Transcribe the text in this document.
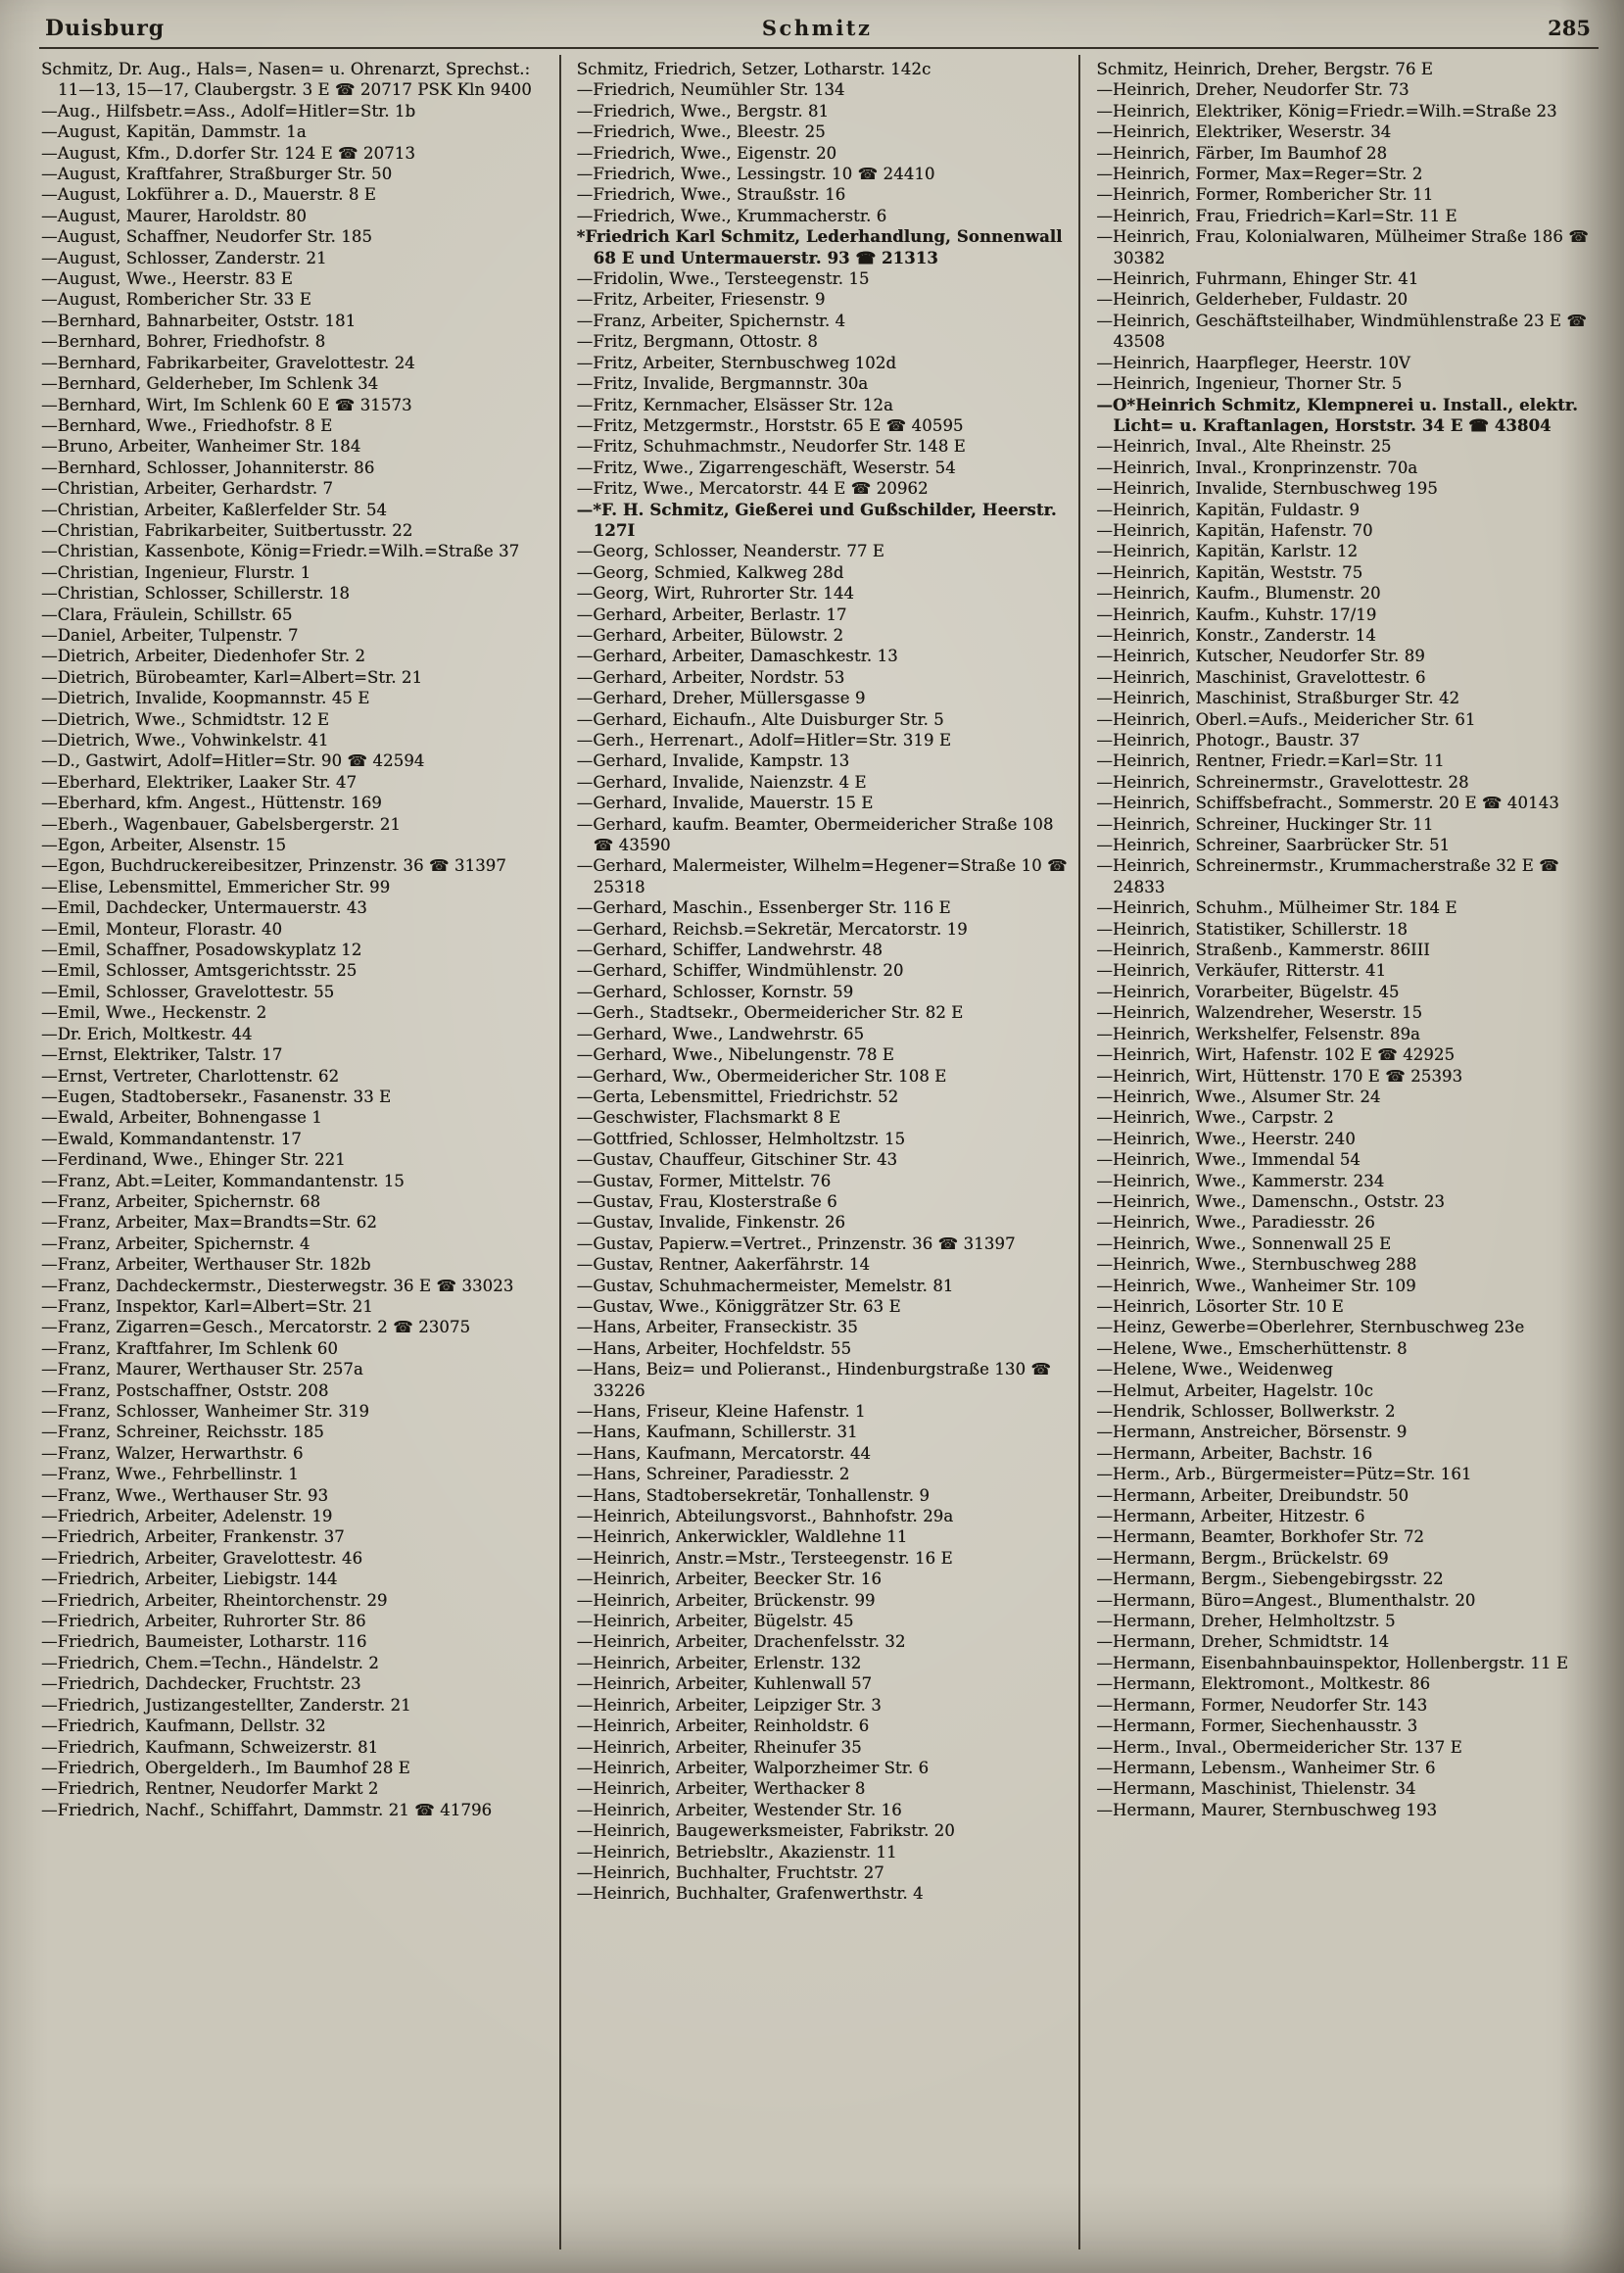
Duisburg	Schmitz	285
Schmitz, Dr. Aug., Hals=, Nasen= u. Ohrenarzt, Sprechst.: 11—13, 15—17, Claubergstr. 3 E ☎ 20717 PSK Kln 9400
—Aug., Hilfsbetr.=Ass., Adolf=Hitler=Str. 1b
—August, Kapitän, Dammstr. 1a
—August, Kfm., D.dorfer Str. 124 E ☎ 20713
—August, Kraftfahrer, Straßburger Str. 50
—August, Lokführer a. D., Mauerstr. 8 E
—August, Maurer, Haroldstr. 80
—August, Schaffner, Neudorfer Str. 185
—August, Schlosser, Zanderstr. 21
—August, Wwe., Heerstr. 83 E
—August, Rombericher Str. 33 E
—Bernhard, Bahnarbeiter, Oststr. 181
—Bernhard, Bohrer, Friedhofstr. 8
—Bernhard, Fabrikarbeiter, Gravelottestr. 24
—Bernhard, Gelderheber, Im Schlenk 34
—Bernhard, Wirt, Im Schlenk 60 E ☎ 31573
—Bernhard, Wwe., Friedhofstr. 8 E
—Bruno, Arbeiter, Wanheimer Str. 184
—Bernhard, Schlosser, Johanniterstr. 86
—Christian, Arbeiter, Gerhardstr. 7
—Christian, Arbeiter, Kaßlerfelder Str. 54
—Christian, Fabrikarbeiter, Suitbertusstr. 22
—Christian, Kassenbote, König=Friedr.=Wilh.=Straße 37
—Christian, Ingenieur, Flurstr. 1
—Christian, Schlosser, Schillerstr. 18
—Clara, Fräulein, Schillstr. 65
—Daniel, Arbeiter, Tulpenstr. 7
—Dietrich, Arbeiter, Diedenhofer Str. 2
—Dietrich, Bürobeamter, Karl=Albert=Str. 21
—Dietrich, Invalide, Koopmannstr. 45 E
—Dietrich, Wwe., Schmidtstr. 12 E
—Dietrich, Wwe., Vohwinkelstr. 41
—D., Gastwirt, Adolf=Hitler=Str. 90 ☎ 42594
—Eberhard, Elektriker, Laaker Str. 47
—Eberhard, kfm. Angest., Hüttenstr. 169
—Eberh., Wagenbauer, Gabelsbergerstr. 21
—Egon, Arbeiter, Alsenstr. 15
—Egon, Buchdruckereibesitzer, Prinzenstr. 36 ☎ 31397
—Elise, Lebensmittel, Emmericher Str. 99
—Emil, Dachdecker, Untermauerstr. 43
—Emil, Monteur, Florastr. 40
—Emil, Schaffner, Posadowskyplatz 12
—Emil, Schlosser, Amtsgerichtsstr. 25
—Emil, Schlosser, Gravelottestr. 55
—Emil, Wwe., Heckenstr. 2
—Dr. Erich, Moltkestr. 44
—Ernst, Elektriker, Talstr. 17
—Ernst, Vertreter, Charlottenstr. 62
—Eugen, Stadtobersekr., Fasanenstr. 33 E
—Ewald, Arbeiter, Bohnengasse 1
—Ewald, Kommandantenstr. 17
—Ferdinand, Wwe., Ehinger Str. 221
—Franz, Abt.=Leiter, Kommandantenstr. 15
—Franz, Arbeiter, Spichernstr. 68
—Franz, Arbeiter, Max=Brandts=Str. 62
—Franz, Arbeiter, Spichernstr. 4
—Franz, Arbeiter, Werthauser Str. 182b
—Franz, Dachdeckermstr., Diesterwegstr. 36 E ☎ 33023
—Franz, Inspektor, Karl=Albert=Str. 21
—Franz, Zigarren=Gesch., Mercatorstr. 2 ☎ 23075
—Franz, Kraftfahrer, Im Schlenk 60
—Franz, Maurer, Werthauser Str. 257a
—Franz, Postschaffner, Oststr. 208
—Franz, Schlosser, Wanheimer Str. 319
—Franz, Schreiner, Reichsstr. 185
—Franz, Walzer, Herwarthstr. 6
—Franz, Wwe., Fehrbellinstr. 1
—Franz, Wwe., Werthauser Str. 93
—Friedrich, Arbeiter, Adelenstr. 19
—Friedrich, Arbeiter, Frankenstr. 37
—Friedrich, Arbeiter, Gravelottestr. 46
—Friedrich, Arbeiter, Liebigstr. 144
—Friedrich, Arbeiter, Rheintorchenstr. 29
—Friedrich, Arbeiter, Ruhrorter Str. 86
—Friedrich, Baumeister, Lotharstr. 116
—Friedrich, Chem.=Techn., Händelstr. 2
—Friedrich, Dachdecker, Fruchtstr. 23
—Friedrich, Justizangestellter, Zanderstr. 21
—Friedrich, Kaufmann, Dellstr. 32
—Friedrich, Kaufmann, Schweizerstr. 81
—Friedrich, Obergelderh., Im Baumhof 28 E
—Friedrich, Rentner, Neudorfer Markt 2
—Friedrich, Nachf., Schiffahrt, Dammstr. 21 ☎ 41796
Schmitz, Friedrich, Setzer, Lotharstr. 142c
—Friedrich, Neumühler Str. 134
—Friedrich, Wwe., Bergstr. 81
—Friedrich, Wwe., Bleestr. 25
—Friedrich, Wwe., Eigenstr. 20
—Friedrich, Wwe., Lessingstr. 10 ☎ 24410
—Friedrich, Wwe., Straußstr. 16
—Friedrich, Wwe., Krummacherstr. 6
*Friedrich Karl Schmitz, Lederhandlung, Sonnenwall 68 E und Untermauerstr. 93 ☎ 21313
—Fridolin, Wwe., Tersteegenstr. 15
—Fritz, Arbeiter, Friesenstr. 9
—Franz, Arbeiter, Spichernstr. 4
—Fritz, Bergmann, Ottostr. 8
—Fritz, Arbeiter, Sternbuschweg 102d
—Fritz, Invalide, Bergmannstr. 30a
—Fritz, Kernmacher, Elsässer Str. 12a
—Fritz, Metzgermstr., Horststr. 65 E ☎ 40595
—Fritz, Schuhmachmstr., Neudorfer Str. 148 E
—Fritz, Wwe., Zigarrengeschäft, Weserstr. 54
—Fritz, Wwe., Mercatorstr. 44 E ☎ 20962
—*F. H. Schmitz, Gießerei und Gußschilder, Heerstr. 127I
—Georg, Schlosser, Neanderstr. 77 E
—Georg, Schmied, Kalkweg 28d
—Georg, Wirt, Ruhrorter Str. 144
—Gerhard, Arbeiter, Berlastr. 17
—Gerhard, Arbeiter, Bülowstr. 2
—Gerhard, Arbeiter, Damaschkestr. 13
—Gerhard, Arbeiter, Nordstr. 53
—Gerhard, Dreher, Müllersgasse 9
—Gerhard, Eichaufn., Alte Duisburger Str. 5
—Gerh., Herrenart., Adolf=Hitler=Str. 319 E
—Gerhard, Invalide, Kampstr. 13
—Gerhard, Invalide, Naienzstr. 4 E
—Gerhard, Invalide, Mauerstr. 15 E
—Gerhard, kaufm. Beamter, Obermeidericher Straße 108 ☎ 43590
—Gerhard, Malermeister, Wilhelm=Hegener=Straße 10 ☎ 25318
—Gerhard, Maschin., Essenberger Str. 116 E
—Gerhard, Reichsb.=Sekretär, Mercatorstr. 19
—Gerhard, Schiffer, Landwehrstr. 48
—Gerhard, Schiffer, Windmühlenstr. 20
—Gerhard, Schlosser, Kornstr. 59
—Gerh., Stadtsekr., Obermeidericher Str. 82 E
—Gerhard, Wwe., Landwehrstr. 65
—Gerhard, Wwe., Nibelungenstr. 78 E
—Gerhard, Ww., Obermeidericher Str. 108 E
—Gerta, Lebensmittel, Friedrichstr. 52
—Geschwister, Flachsmarkt 8 E
—Gottfried, Schlosser, Helmholtzstr. 15
—Gustav, Chauffeur, Gitschiner Str. 43
—Gustav, Former, Mittelstr. 76
—Gustav, Frau, Klosterstraße 6
—Gustav, Invalide, Finkenstr. 26
—Gustav, Papierw.=Vertret., Prinzenstr. 36 ☎ 31397
—Gustav, Rentner, Aakerfährstr. 14
—Gustav, Schuhmachermeister, Memelstr. 81
—Gustav, Wwe., Königgrätzer Str. 63 E
—Hans, Arbeiter, Franseckistr. 35
—Hans, Arbeiter, Hochfeldstr. 55
—Hans, Beiz= und Polieranst., Hindenburgstraße 130 ☎ 33226
—Hans, Friseur, Kleine Hafenstr. 1
—Hans, Kaufmann, Schillerstr. 31
—Hans, Kaufmann, Mercatorstr. 44
—Hans, Schreiner, Paradiesstr. 2
—Hans, Stadtobersekretär, Tonhallenstr. 9
—Heinrich, Abteilungsvorst., Bahnhofstr. 29a
—Heinrich, Ankerwickler, Waldlehne 11
—Heinrich, Anstr.=Mstr., Tersteegenstr. 16 E
—Heinrich, Arbeiter, Beecker Str. 16
—Heinrich, Arbeiter, Brückenstr. 99
—Heinrich, Arbeiter, Bügelstr. 45
—Heinrich, Arbeiter, Drachenfelsstr. 32
—Heinrich, Arbeiter, Erlenstr. 132
—Heinrich, Arbeiter, Kuhlenwall 57
—Heinrich, Arbeiter, Leipziger Str. 3
—Heinrich, Arbeiter, Reinholdstr. 6
—Heinrich, Arbeiter, Rheinufer 35
—Heinrich, Arbeiter, Walporzheimer Str. 6
—Heinrich, Arbeiter, Werthacker 8
—Heinrich, Arbeiter, Westender Str. 16
—Heinrich, Baugewerksmeister, Fabrikstr. 20
—Heinrich, Betriebsltr., Akazienstr. 11
—Heinrich, Buchhalter, Fruchtstr. 27
—Heinrich, Buchhalter, Grafenwerthstr. 4
Schmitz, Heinrich, Dreher, Bergstr. 76 E
—Heinrich, Dreher, Neudorfer Str. 73
—Heinrich, Elektriker, König=Friedr.=Wilh.=Straße 23
—Heinrich, Elektriker, Weserstr. 34
—Heinrich, Färber, Im Baumhof 28
—Heinrich, Former, Max=Reger=Str. 2
—Heinrich, Former, Rombericher Str. 11
—Heinrich, Frau, Friedrich=Karl=Str. 11 E
—Heinrich, Frau, Kolonialwaren, Mülheimer Straße 186 ☎ 30382
—Heinrich, Fuhrmann, Ehinger Str. 41
—Heinrich, Gelderheber, Fuldastr. 20
—Heinrich, Geschäftsteilhaber, Windmühlenstraße 23 E ☎ 43508
—Heinrich, Haarpfleger, Heerstr. 10V
—Heinrich, Ingenieur, Thorner Str. 5
—O*Heinrich Schmitz, Klempnerei u. Install., elektr. Licht= u. Kraftanlagen, Horststr. 34 E ☎ 43804
—Heinrich, Inval., Alte Rheinstr. 25
—Heinrich, Inval., Kronprinzenstr. 70a
—Heinrich, Invalide, Sternbuschweg 195
—Heinrich, Kapitän, Fuldastr. 9
—Heinrich, Kapitän, Hafenstr. 70
—Heinrich, Kapitän, Karlstr. 12
—Heinrich, Kapitän, Weststr. 75
—Heinrich, Kaufm., Blumenstr. 20
—Heinrich, Kaufm., Kuhstr. 17/19
—Heinrich, Konstr., Zanderstr. 14
—Heinrich, Kutscher, Neudorfer Str. 89
—Heinrich, Maschinist, Gravelottestr. 6
—Heinrich, Maschinist, Straßburger Str. 42
—Heinrich, Oberl.=Aufs., Meidericher Str. 61
—Heinrich, Photogr., Baustr. 37
—Heinrich, Rentner, Friedr.=Karl=Str. 11
—Heinrich, Schreinermstr., Gravelottestr. 28
—Heinrich, Schiffsbefracht., Sommerstr. 20 E ☎ 40143
—Heinrich, Schreiner, Huckinger Str. 11
—Heinrich, Schreiner, Saarbrücker Str. 51
—Heinrich, Schreinermstr., Krummacherstraße 32 E ☎ 24833
—Heinrich, Schuhm., Mülheimer Str. 184 E
—Heinrich, Statistiker, Schillerstr. 18
—Heinrich, Straßenb., Kammerstr. 86III
—Heinrich, Verkäufer, Ritterstr. 41
—Heinrich, Vorarbeiter, Bügelstr. 45
—Heinrich, Walzendreher, Weserstr. 15
—Heinrich, Werkshelfer, Felsenstr. 89a
—Heinrich, Wirt, Hafenstr. 102 E ☎ 42925
—Heinrich, Wirt, Hüttenstr. 170 E ☎ 25393
—Heinrich, Wwe., Alsumer Str. 24
—Heinrich, Wwe., Carpstr. 2
—Heinrich, Wwe., Heerstr. 240
—Heinrich, Wwe., Immendal 54
—Heinrich, Wwe., Kammerstr. 234
—Heinrich, Wwe., Damenschn., Oststr. 23
—Heinrich, Wwe., Paradiesstr. 26
—Heinrich, Wwe., Sonnenwall 25 E
—Heinrich, Wwe., Sternbuschweg 288
—Heinrich, Wwe., Wanheimer Str. 109
—Heinrich, Lösorter Str. 10 E
—Heinz, Gewerbe=Oberlehrer, Sternbuschweg 23e
—Helene, Wwe., Emscherhüttenstr. 8
—Helene, Wwe., Weidenweg
—Helmut, Arbeiter, Hagelstr. 10c
—Hendrik, Schlosser, Bollwerkstr. 2
—Hermann, Anstreicher, Börsenstr. 9
—Hermann, Arbeiter, Bachstr. 16
—Herm., Arb., Bürgermeister=Pütz=Str. 161
—Hermann, Arbeiter, Dreibundstr. 50
—Hermann, Arbeiter, Hitzestr. 6
—Hermann, Beamter, Borkhofer Str. 72
—Hermann, Bergm., Brückelstr. 69
—Hermann, Bergm., Siebengebirgsstr. 22
—Hermann, Büro=Angest., Blumenthalstr. 20
—Hermann, Dreher, Helmholtzstr. 5
—Hermann, Dreher, Schmidtstr. 14
—Hermann, Eisenbahnbauinspektor, Hollenbergstr. 11 E
—Hermann, Elektromont., Moltkestr. 86
—Hermann, Former, Neudorfer Str. 143
—Hermann, Former, Siechenhausstr. 3
—Herm., Inval., Obermeidericher Str. 137 E
—Hermann, Lebensm., Wanheimer Str. 6
—Hermann, Maschinist, Thielenstr. 34
—Hermann, Maurer, Sternbuschweg 193
